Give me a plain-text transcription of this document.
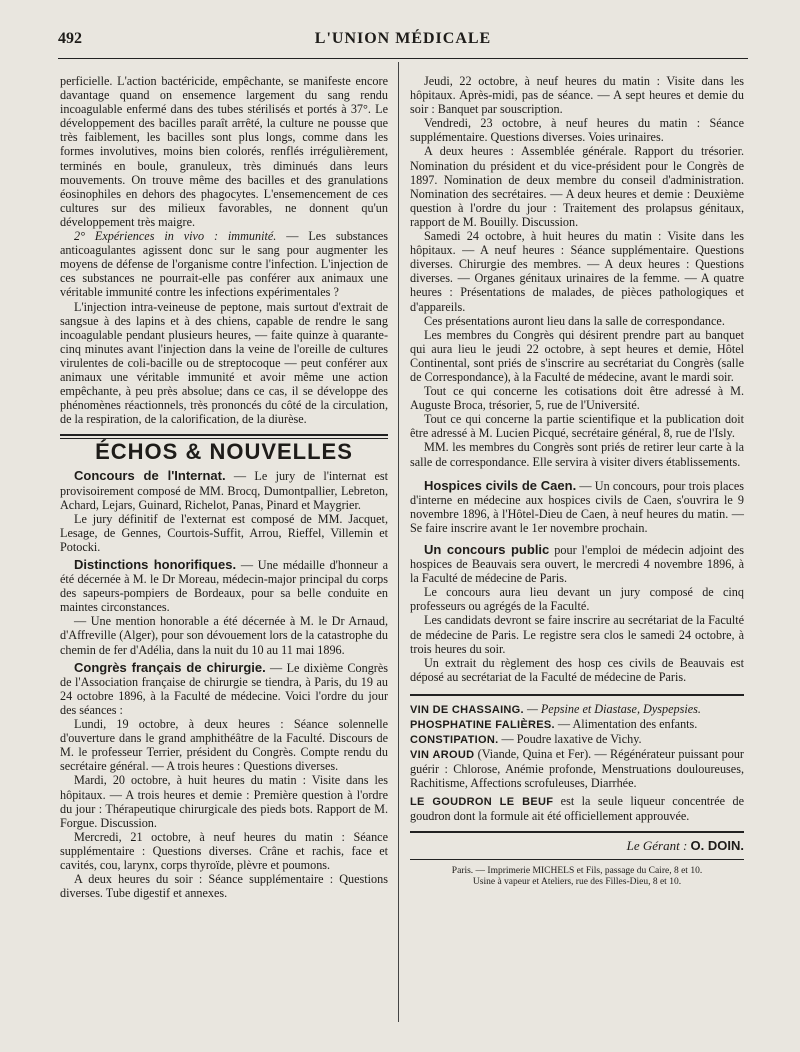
492	L'UNION MÉDICALE

perficielle. L'action bactéricide, empêchante, se manifeste encore davantage quand on ensemence largement du sang rendu incoagulable enfermé dans des tubes stérilisés et portés à 37°. Le développement des bacilles paraît arrêté, la culture ne pousse que très faiblement, les bacilles sont plus longs, comme dans les formes involutives, moins bien colorés, renflés irrégulièrement, terminés en boule, granuleux, très diminués dans leurs mouvements. On trouve même des bacilles et des granulations éosinophiles en dehors des phagocytes. L'ensemencement de ces cultures sur des milieux favorables, ne donnent qu'un développement très maigre.

2° Expériences in vivo : immunité. — Les substances anticoagulantes agissent donc sur le sang pour augmenter les moyens de défense de l'organisme contre l'infection. L'injection de ces substances ne pourrait-elle pas conférer aux animaux une véritable immunité contre les infections expérimentales ?

L'injection intra-veineuse de peptone, mais surtout d'extrait de sangsue à des lapins et à des chiens, capable de rendre le sang incoagulable pendant plusieurs heures, — faite quinze à quarante-cinq minutes avant l'injection dans la veine de l'oreille de cultures virulentes de coli-bacille ou de streptocoque — peut conférer aux animaux une véritable immunité et avoir même une action empêchante, à peu près absolue; dans ce cas, il se développe des phénomènes réactionnels, très prononcés du côté de la circulation, de la respiration, de la calorification, de la diurèse.

ÉCHOS & NOUVELLES

Concours de l'Internat. — Le jury de l'internat est provisoirement composé de MM. Brocq, Dumontpallier, Lebreton, Achard, Lejars, Guinard, Richelot, Panas, Pinard et Maygrier.

Le jury définitif de l'externat est composé de MM. Jacquet, Lesage, de Gennes, Courtois-Suffit, Arrou, Rieffel, Villemin et Potocki.

Distinctions honorifiques. — Une médaille d'honneur a été décernée à M. le Dr Moreau, médecin-major principal du corps des sapeurs-pompiers de Bordeaux, pour sa belle conduite en maintes circonstances.

— Une mention honorable a été décernée à M. le Dr Arnaud, d'Affreville (Alger), pour son dévouement lors de la catastrophe du chemin de fer d'Adélia, dans la nuit du 10 au 11 mai 1896.

Congrès français de chirurgie. — Le dixième Congrès de l'Association française de chirurgie se tiendra, à Paris, du 19 au 24 octobre 1896, à la Faculté de médecine. Voici l'ordre du jour des séances :

Lundi, 19 octobre, à deux heures : Séance solennelle d'ouverture dans le grand amphithéâtre de la Faculté. Discours de M. le professeur Terrier, président du Congrès. Compte rendu du secrétaire général. — A trois heures : Questions diverses.

Mardi, 20 octobre, à huit heures du matin : Visite dans les hôpitaux. — A trois heures et demie : Première question à l'ordre du jour : Thérapeutique chirurgicale des pieds bots. Rapport de M. Forgue. Discussion.

Mercredi, 21 octobre, à neuf heures du matin : Séance supplémentaire : Questions diverses. Crâne et rachis, face et cavités, cou, larynx, corps thyroïde, plèvre et poumons.

A deux heures du soir : Séance supplémentaire : Questions diverses. Tube digestif et annexes.

Jeudi, 22 octobre, à neuf heures du matin : Visite dans les hôpitaux. Après-midi, pas de séance. — A sept heures et demie du soir : Banquet par souscription.

Vendredi, 23 octobre, à neuf heures du matin : Séance supplémentaire. Questions diverses. Voies urinaires.

A deux heures : Assemblée générale. Rapport du trésorier. Nomination du président et du vice-président pour le Congrès de 1897. Nomination de deux membre du conseil d'administration. Nomination des secrétaires. — A deux heures et demie : Deuxième question à l'ordre du jour : Traitement des prolapsus génitaux, rapport de M. Bouilly. Discussion.

Samedi 24 octobre, à huit heures du matin : Visite dans les hôpitaux. — A neuf heures : Séance supplémentaire. Questions diverses. Chirurgie des membres. — A deux heures : Questions diverses. — Organes génitaux urinaires de la femme. — A quatre heures : Présentations de malades, de pièces pathologiques et d'appareils.

Ces présentations auront lieu dans la salle de correspondance.

Les membres du Congrès qui désirent prendre part au banquet qui aura lieu le jeudi 22 octobre, à sept heures et demie, Hôtel Continental, sont priés de s'inscrire au secrétariat du Congrès (salle de Correspondance), à la Faculté de médecine, avant le mardi soir.

Tout ce qui concerne les cotisations doit être adressé à M. Auguste Broca, trésorier, 5, rue de l'Université.

Tout ce qui concerne la partie scientifique et la publication doit être adressé à M. Lucien Picqué, secrétaire général, 8, rue de l'Isly.

MM. les membres du Congrès sont priés de retirer leur carte à la salle de correspondance. Elle servira à visiter divers établissements.

Hospices civils de Caen. — Un concours, pour trois places d'interne en médecine aux hospices civils de Caen, s'ouvrira le 9 novembre 1896, à l'Hôtel-Dieu de Caen, à neuf heures du matin. — Se faire inscrire avant le 1er novembre prochain.

Un concours public pour l'emploi de médecin adjoint des hospices de Beauvais sera ouvert, le mercredi 4 novembre 1896, à la Faculté de médecine de Paris.

Le concours aura lieu devant un jury composé de cinq professeurs ou agrégés de la Faculté.

Les candidats devront se faire inscrire au secrétariat de la Faculté de médecine de Paris. Le registre sera clos le samedi 24 octobre, à trois heures du soir.

Un extrait du règlement des hosp ces civils de Beauvais est déposé au secrétariat de la Faculté de médecine de Paris.

VIN DE CHASSAING. — Pepsine et Diastase, Dyspepsies.

PHOSPHATINE FALIÈRES. — Alimentation des enfants.

CONSTIPATION. — Poudre laxative de Vichy.

VIN AROUD (Viande, Quina et Fer). — Régénérateur puissant pour guérir : Chlorose, Anémie profonde, Menstruations douloureuses, Rachitisme, Affections scrofuleuses, Diarrhée.

LE GOUDRON LE BEUF est la seule liqueur concentrée de goudron dont la formule ait été officiellement approuvée.

Le Gérant : O. DOIN.
Paris. — Imprimerie MICHELS et Fils, passage du Caire, 8 et 10.
Usine à vapeur et Ateliers, rue des Filles-Dieu, 8 et 10.
